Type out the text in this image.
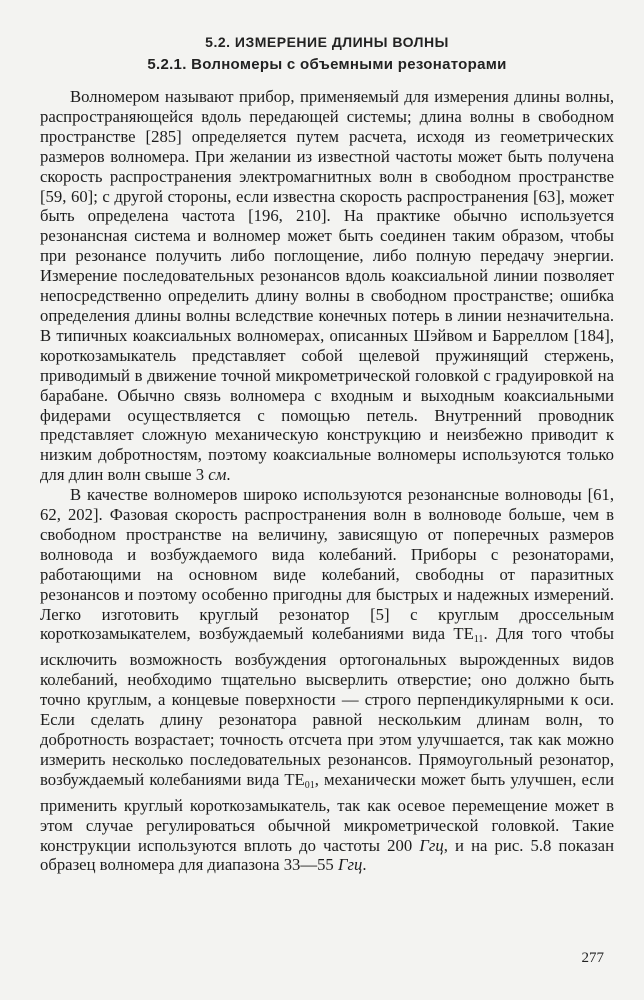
5.2. ИЗМЕРЕНИЕ ДЛИНЫ ВОЛНЫ
5.2.1. Волномеры с объемными резонаторами

Волномером называют прибор, применяемый для измерения длины волны, распространяющейся вдоль передающей системы; длина волны в свободном пространстве [285] определяется путем расчета, исходя из геометрических размеров волномера. При желании из известной частоты может быть получена скорость распространения электромагнитных волн в свободном пространстве [59, 60]; с другой стороны, если известна скорость распространения [63], может быть определена частота [196, 210]. На практике обычно используется резонансная система и волномер может быть соединен таким образом, чтобы при резонансе получить либо поглощение, либо полную передачу энергии. Измерение последовательных резонансов вдоль коаксиальной линии позволяет непосредственно определить длину волны в свободном пространстве; ошибка определения длины волны вследствие конечных потерь в линии незначительна. В типичных коаксиальных волномерах, описанных Шэйвом и Барреллом [184], короткозамыкатель представляет собой щелевой пружинящий стержень, приводимый в движение точной микрометрической головкой с градуировкой на барабане. Обычно связь волномера с входным и выходным коаксиальными фидерами осуществляется с помощью петель. Внутренний проводник представляет сложную механическую конструкцию и неизбежно приводит к низким добротностям, поэтому коаксиальные волномеры используются только для длин волн свыше 3 см.

В качестве волномеров широко используются резонансные волноводы [61, 62, 202]. Фазовая скорость распространения волн в волноводе больше, чем в свободном пространстве на величину, зависящую от поперечных размеров волновода и возбуждаемого вида колебаний. Приборы с резонаторами, работающими на основном виде колебаний, свободны от паразитных резонансов и поэтому особенно пригодны для быстрых и надежных измерений. Легко изготовить круглый резонатор [5] с круглым дроссельным короткозамыкателем, возбуждаемый колебаниями вида $TE_{11}$. Для того чтобы исключить возможность возбуждения ортогональных вырожденных видов колебаний, необходимо тщательно высверлить отверстие; оно должно быть точно круглым, а концевые поверхности — строго перпендикулярными к оси. Если сделать длину резонатора равной нескольким длинам волн, то добротность возрастает; точность отсчета при этом улучшается, так как можно измерить несколько последовательных резонансов. Прямоугольный резонатор, возбуждаемый колебаниями вида $TE_{01}$, механически может быть улучшен, если применить круглый короткозамыкатель, так как осевое перемещение может в этом случае регулироваться обычной микрометрической головкой. Такие конструкции используются вплоть до частоты 200 Ггц, и на рис. 5.8 показан образец волномера для диапазона 33—55 Ггц.

277
